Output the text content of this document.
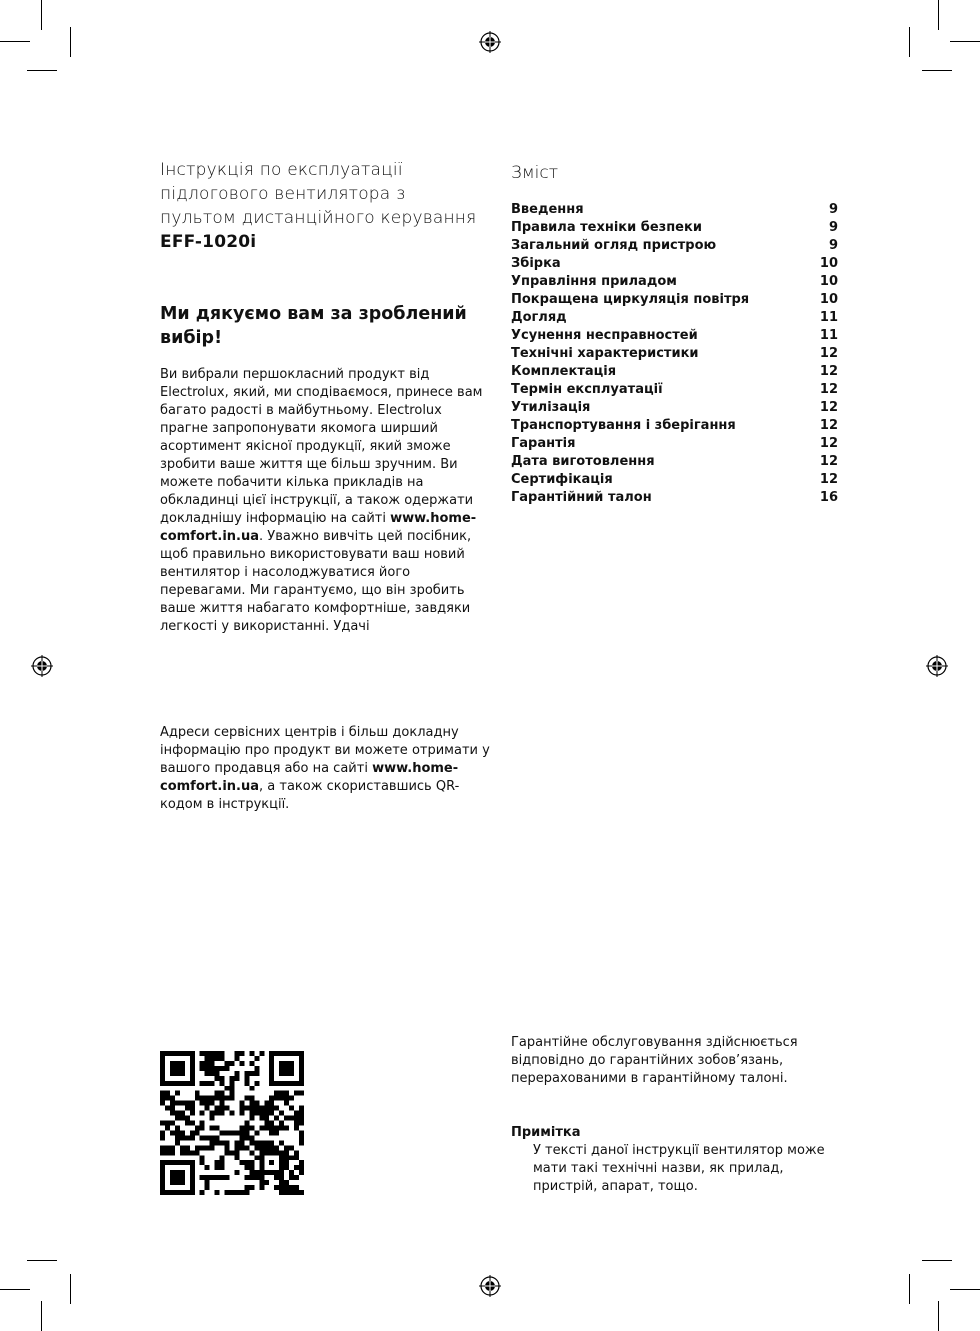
Інструкція по експлуатації
підлогового вентилятора з
пультом дистанційного керування
EFF-1020i
Ми дякуємо вам за зроблений вибір!

Ви вибрали першокласний продукт від Electrolux, який, ми сподіваємося, принесе вам багато радості в майбутньому. Electrolux прагне запропонувати якомога ширший асортимент якісної продукції, який зможе зробити ваше життя ще більш зручним. Ви можете побачити кілька прикладів на обкладинці цієї інструкції, а також одержати докладнішу інформацію на сайті www.home-comfort.in.ua. Уважно вивчіть цей посібник, щоб правильно використовувати ваш новий вентилятор і насолоджуватися його перевагами. Ми гарантуємо, що він зробить ваше життя набагато комфортніше, завдяки легкості у використанні. Удачі

Адреси сервісних центрів і більш докладну інформацію про продукт ви можете отримати у вашого продавця або на сайті www.home-comfort.in.ua, а також скориставшись QR-кодом в інструкції.

Зміст
Введення	9
Правила техніки безпеки	9
Загальний огляд пристрою	9
Збірка	10
Управління приладом	10
Покращена циркуляція повітря	10
Догляд	11
Усунення несправностей	11
Технічні характеристики	12
Комплектація	12
Термін експлуатації	12
Утилізація	12
Транспортування і зберігання	12
Гарантія	12
Дата виготовлення	12
Сертифікація	12
Гарантійний талон	16
Гарантійне обслуговування здійснюється відповідно до гарантійних зобов’язань, перерахованими в гарантійному талоні.
Примітка
У тексті даної інструкції вентилятор може мати такі технічні назви, як прилад, пристрій, апарат, тощо.
